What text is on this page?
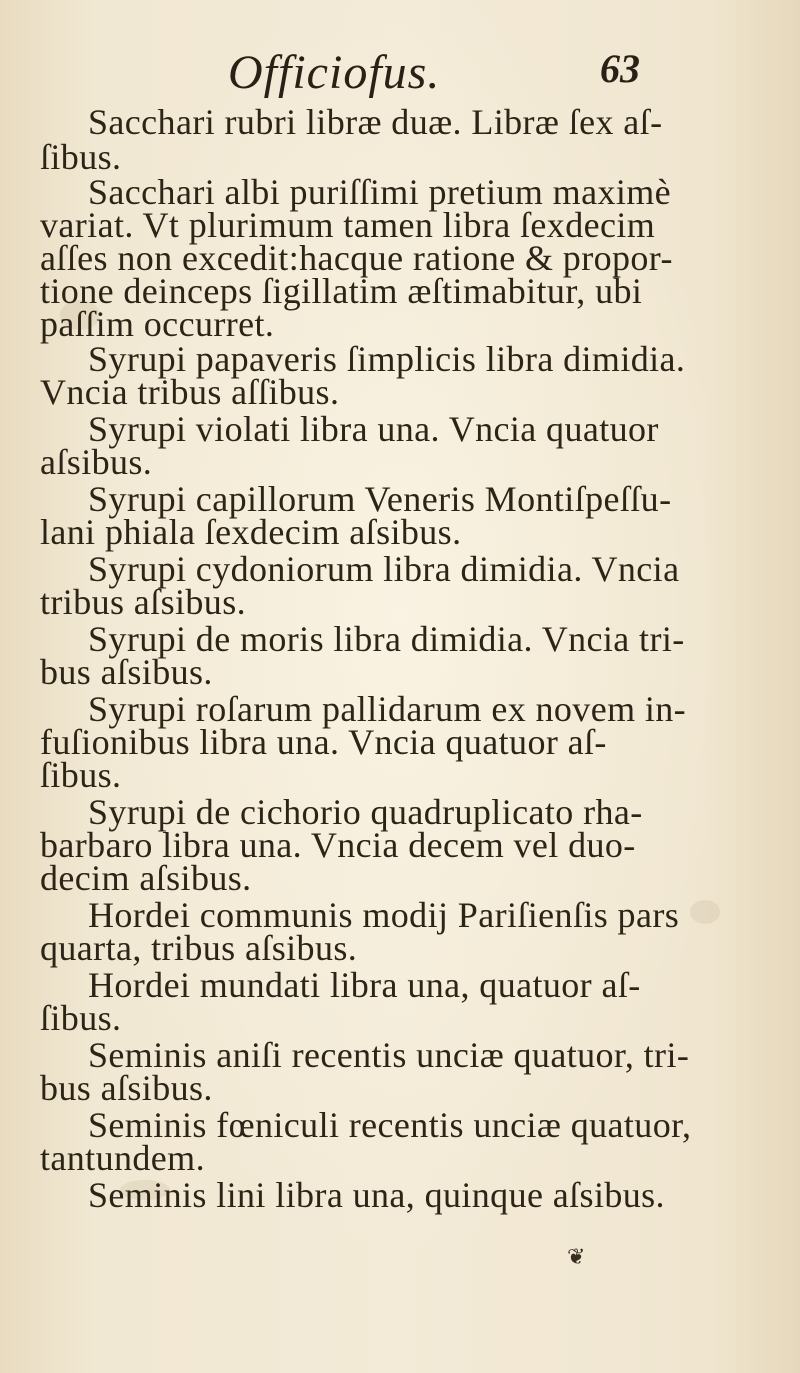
Officiofus.	63
Sacchari rubri libræ duæ. Libræ ſex aſ-
ſibus.
Sacchari albi puriſſimi pretium maximè
variat. Vt plurimum tamen libra ſexdecim
aſſes non excedit:hacque ratione & propor-
tione deinceps ſigillatim æſtimabitur, ubi
paſſim occurret.
Syrupi papaveris ſimplicis libra dimidia.
Vncia tribus aſſibus.
Syrupi violati libra una. Vncia quatuor
aſsibus.
Syrupi capillorum Veneris Montiſpeſſu-
lani phiala ſexdecim aſsibus.
Syrupi cydoniorum libra dimidia. Vncia
tribus aſsibus.
Syrupi de moris libra dimidia. Vncia tri-
bus aſsibus.
Syrupi roſarum pallidarum ex novem in-
fuſionibus libra una. Vncia quatuor aſ-
ſibus.
Syrupi de cichorio quadruplicato rha-
barbaro libra una. Vncia decem vel duo-
decim aſsibus.
Hordei communis modij Pariſienſis pars
quarta, tribus aſsibus.
Hordei mundati libra una, quatuor aſ-
ſibus.
Seminis aniſi recentis unciæ quatuor, tri-
bus aſsibus.
Seminis fœniculi recentis unciæ quatuor,
tantundem.
Seminis lini libra una, quinque aſsibus.
❦
